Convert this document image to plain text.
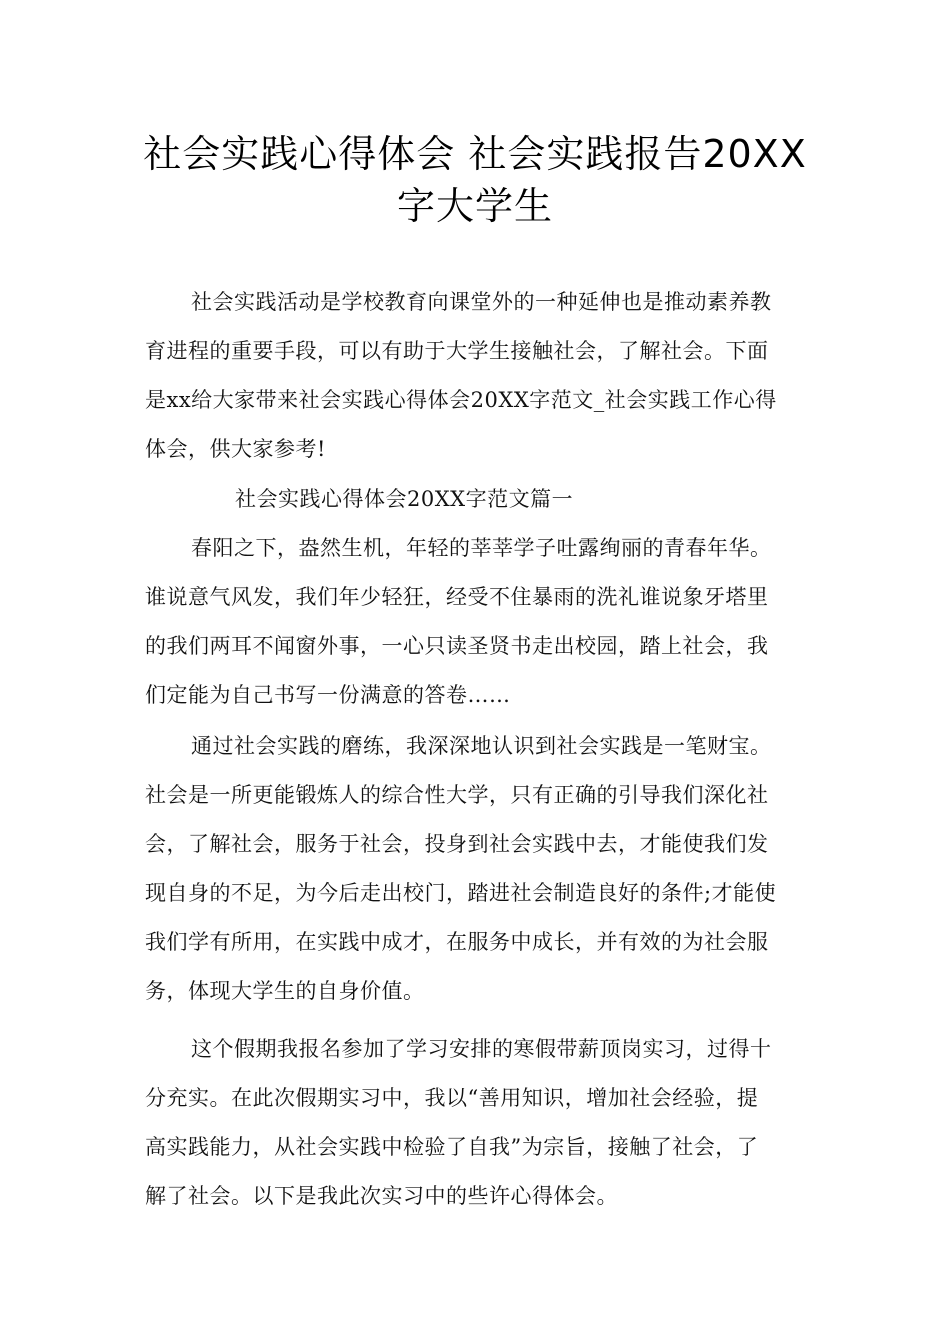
社会实践心得体会 社会实践报告20XX
字大学生
社会实践活动是学校教育向课堂外的一种延伸也是推动素养教
育进程的重要手段，可以有助于大学生接触社会，了解社会。下面
是xx给大家带来社会实践心得体会20XX字范文_社会实践工作心得
体会，供大家参考!
社会实践心得体会20XX字范文篇一
春阳之下，盎然生机，年轻的莘莘学子吐露绚丽的青春年华。
谁说意气风发，我们年少轻狂，经受不住暴雨的洗礼谁说象牙塔里
的我们两耳不闻窗外事，一心只读圣贤书走出校园，踏上社会，我
们定能为自己书写一份满意的答卷……
通过社会实践的磨练，我深深地认识到社会实践是一笔财宝。
社会是一所更能锻炼人的综合性大学，只有正确的引导我们深化社
会，了解社会，服务于社会，投身到社会实践中去，才能使我们发
现自身的不足，为今后走出校门，踏进社会制造良好的条件;才能使
我们学有所用，在实践中成才，在服务中成长，并有效的为社会服
务，体现大学生的自身价值。
这个假期我报名参加了学习安排的寒假带薪顶岗实习，过得十
分充实。在此次假期实习中，我以“善用知识，增加社会经验，提
高实践能力，从社会实践中检验了自我”为宗旨，接触了社会，了
解了社会。以下是我此次实习中的些许心得体会。
